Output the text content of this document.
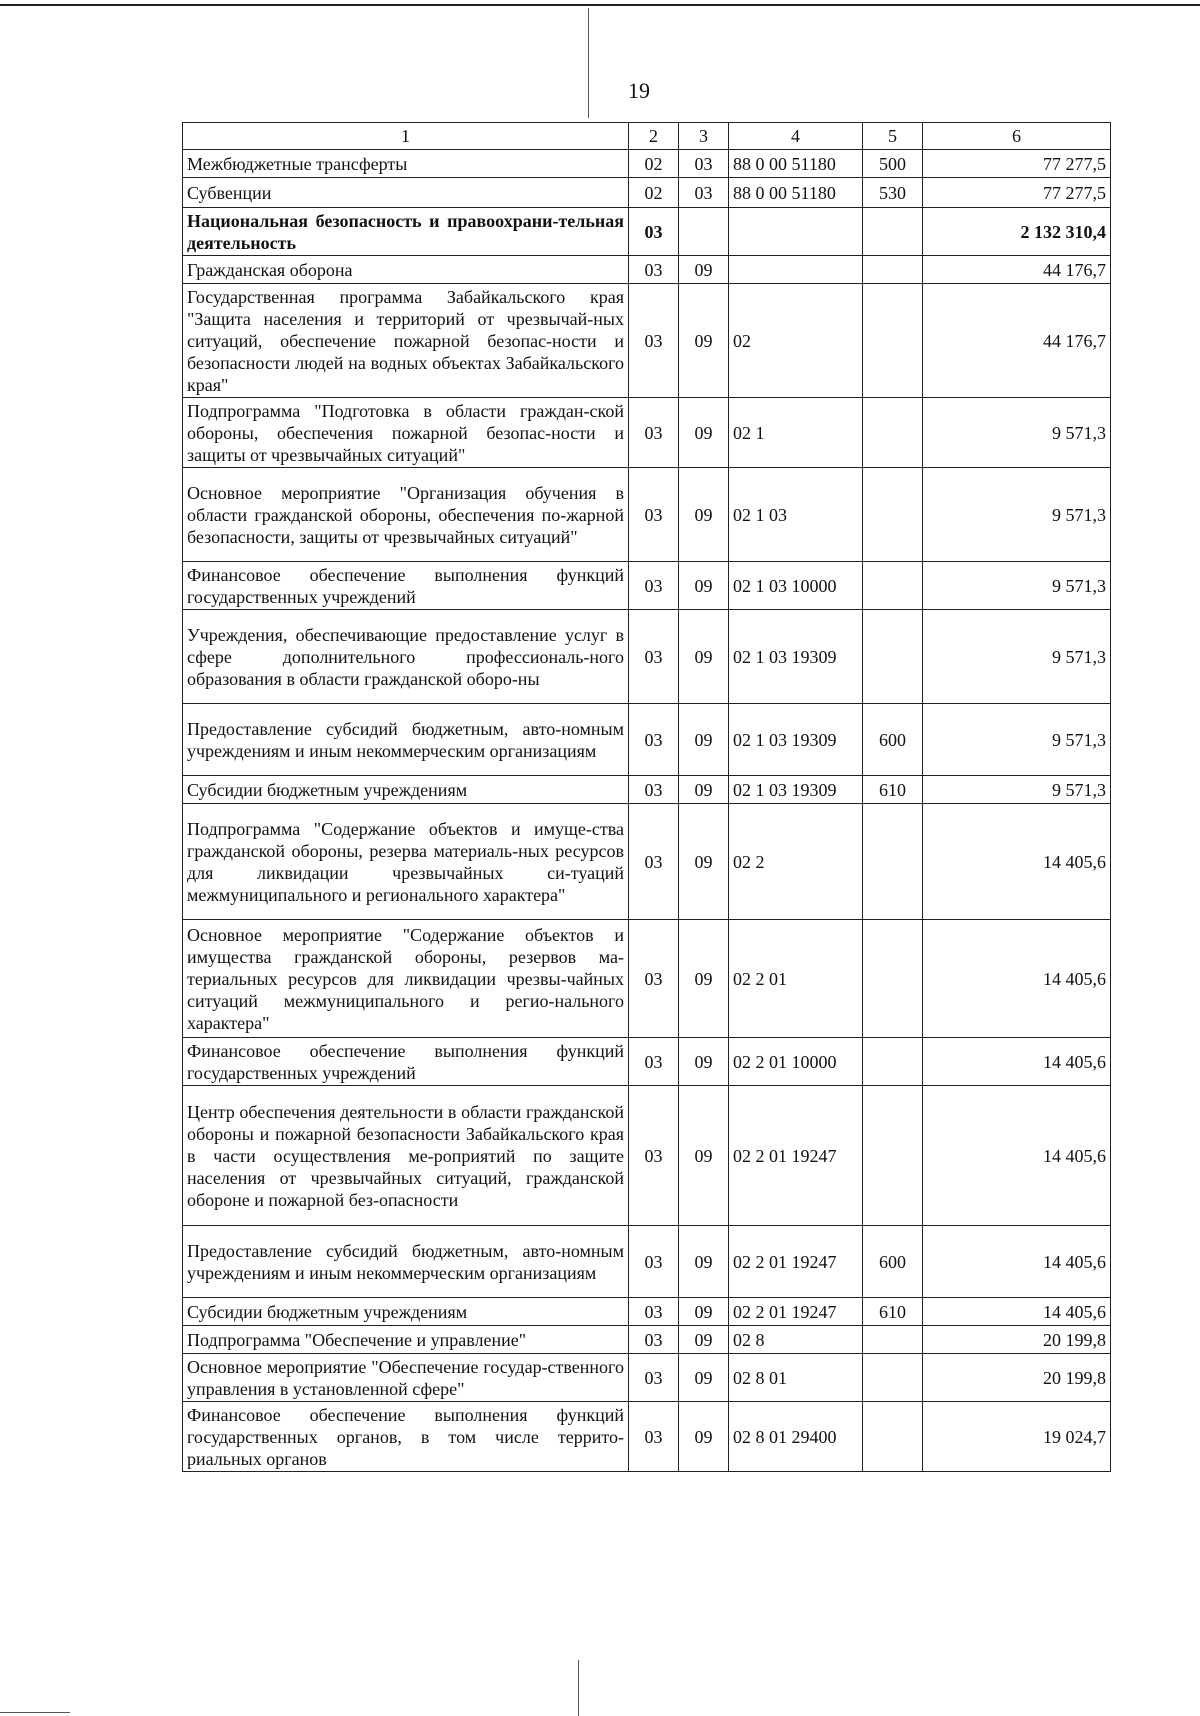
19
1	2	3	4	5	6
Межбюджетные трансферты	02	03	88 0 00 51180	500	77 277,5
Субвенции	02	03	88 0 00 51180	530	77 277,5
Национальная безопасность и правоохрани-тельная деятельность	03				2 132 310,4
Гражданская оборона	03	09			44 176,7
Государственная программа Забайкальского края "Защита населения и территорий от чрезвычай-ных ситуаций, обеспечение пожарной безопас-ности и безопасности людей на водных объектах Забайкальского края"	03	09	02		44 176,7
Подпрограмма "Подготовка в области граждан-ской обороны, обеспечения пожарной безопас-ности и защиты от чрезвычайных ситуаций"	03	09	02 1		9 571,3
Основное мероприятие "Организация обучения в области гражданской обороны, обеспечения по-жарной безопасности, защиты от чрезвычайных ситуаций"	03	09	02 1 03		9 571,3
Финансовое обеспечение выполнения функций государственных учреждений	03	09	02 1 03 10000		9 571,3
Учреждения, обеспечивающие предоставление услуг в сфере дополнительного профессиональ-ного образования в области гражданской оборо-ны	03	09	02 1 03 19309		9 571,3
Предоставление субсидий бюджетным, авто-номным учреждениям и иным некоммерческим организациям	03	09	02 1 03 19309	600	9 571,3
Субсидии бюджетным учреждениям	03	09	02 1 03 19309	610	9 571,3
Подпрограмма "Содержание объектов и имуще-ства гражданской обороны, резерва материаль-ных ресурсов для ликвидации чрезвычайных си-туаций межмуниципального и регионального характера"	03	09	02 2		14 405,6
Основное мероприятие "Содержание объектов и имущества гражданской обороны, резервов ма-териальных ресурсов для ликвидации чрезвы-чайных ситуаций межмуниципального и регио-нального характера"	03	09	02 2 01		14 405,6
Финансовое обеспечение выполнения функций государственных учреждений	03	09	02 2 01 10000		14 405,6
Центр обеспечения деятельности в области гражданской обороны и пожарной безопасности Забайкальского края в части осуществления ме-роприятий по защите населения от чрезвычайных ситуаций, гражданской обороне и пожарной без-опасности	03	09	02 2 01 19247		14 405,6
Предоставление субсидий бюджетным, авто-номным учреждениям и иным некоммерческим организациям	03	09	02 2 01 19247	600	14 405,6
Субсидии бюджетным учреждениям	03	09	02 2 01 19247	610	14 405,6
Подпрограмма "Обеспечение и управление"	03	09	02 8		20 199,8
Основное мероприятие "Обеспечение государ-ственного управления в установленной сфере"	03	09	02 8 01		20 199,8
Финансовое обеспечение выполнения функций государственных органов, в том числе террито-риальных органов	03	09	02 8 01 29400		19 024,7
